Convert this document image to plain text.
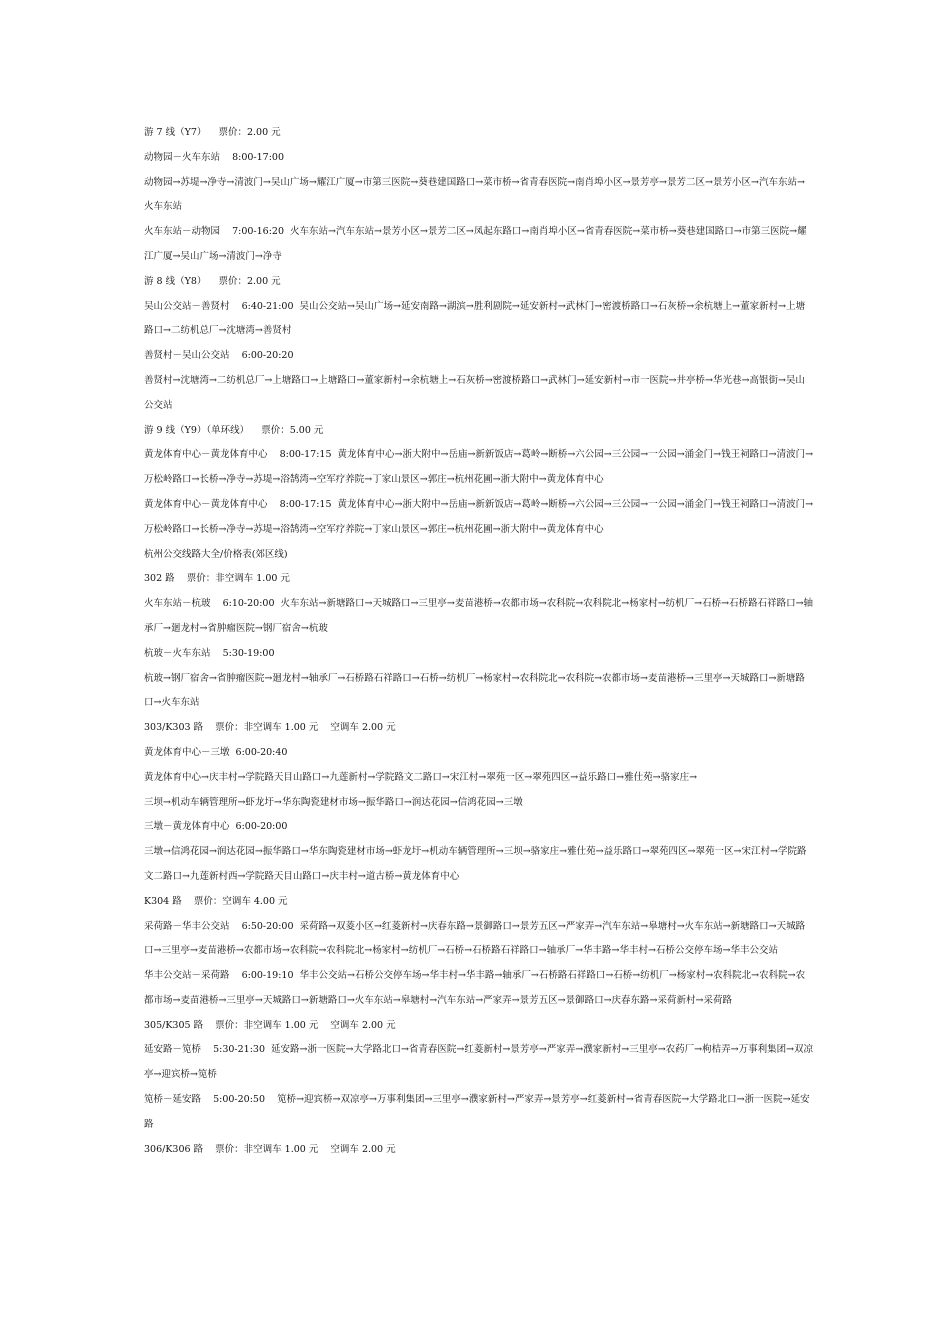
游 7 线（Y7）    票价：2.00 元

动物园－火车东站    8:00-17:00

动物园→苏堤→净寺→清波门→吴山广场→耀江广厦→市第三医院→葵巷建国路口→菜市桥→省青春医院→南肖埠小区→景芳亭→景芳二区→景芳小区→汽车东站→火车东站

火车东站－动物园    7:00-16:20  火车东站→汽车东站→景芳小区→景芳二区→凤起东路口→南肖埠小区→省青春医院→菜市桥→葵巷建国路口→市第三医院→耀江广厦→吴山广场→清波门→净寺

游 8 线（Y8）    票价：2.00 元

吴山公交站－善贤村    6:40-21:00  吴山公交站→吴山广场→延安南路→湖滨→胜利剧院→延安新村→武林门→密渡桥路口→石灰桥→余杭塘上→董家新村→上塘路口→二纺机总厂→沈塘湾→善贤村

善贤村－吴山公交站    6:00-20:20

善贤村→沈塘湾→二纺机总厂→上塘路口→上塘路口→董家新村→余杭塘上→石灰桥→密渡桥路口→武林门→延安新村→市一医院→井亭桥→华光巷→高银街→吴山公交站

游 9 线（Y9）（单环线）    票价：5.00 元

黄龙体育中心－黄龙体育中心    8:00-17:15  黄龙体育中心→浙大附中→岳庙→新新饭店→葛岭→断桥→六公园→三公园→一公园→涌金门→钱王祠路口→清波门→万松岭路口→长桥→净寺→苏堤→浴鹄湾→空军疗养院→丁家山景区→郭庄→杭州花圃→浙大附中→黄龙体育中心

黄龙体育中心－黄龙体育中心    8:00-17:15  黄龙体育中心→浙大附中→岳庙→新新饭店→葛岭→断桥→六公园→三公园→一公园→涌金门→钱王祠路口→清波门→万松岭路口→长桥→净寺→苏堤→浴鹄湾→空军疗养院→丁家山景区→郭庄→杭州花圃→浙大附中→黄龙体育中心

杭州公交线路大全/价格表(郊区线)

302 路    票价：非空调车 1.00 元

火车东站－杭玻    6:10-20:00  火车东站→新塘路口→天城路口→三里亭→麦苗港桥→农都市场→农科院→农科院北→杨家村→纺机厂→石桥→石桥路石祥路口→轴承厂→廻龙村→省肿瘤医院→钢厂宿舍→杭玻

杭玻－火车东站    5:30-19:00

杭玻→钢厂宿舍→省肿瘤医院→廻龙村→轴承厂→石桥路石祥路口→石桥→纺机厂→杨家村→农科院北→农科院→农都市场→麦苗港桥→三里亭→天城路口→新塘路口→火车东站

303/K303 路    票价：非空调车 1.00 元    空调车 2.00 元

黄龙体育中心－三墩  6:00-20:40

黄龙体育中心→庆丰村→学院路天目山路口→九莲新村→学院路文二路口→宋江村→翠苑一区→翠苑四区→益乐路口→雅仕苑→骆家庄→

三坝→机动车辆管理所→虾龙圩→华东陶瓷建材市场→振华路口→润达花园→信鸿花园→三墩

三墩－黄龙体育中心  6:00-20:00

三墩→信鸿花园→润达花园→振华路口→华东陶瓷建材市场→虾龙圩→机动车辆管理所→三坝→骆家庄→雅仕苑→益乐路口→翠苑四区→翠苑一区→宋江村→学院路文二路口→九莲新村西→学院路天目山路口→庆丰村→道古桥→黄龙体育中心

K304 路    票价：空调车 4.00 元

采荷路－华丰公交站    6:50-20:00  采荷路→双菱小区→红菱新村→庆春东路→景御路口→景芳五区→严家弄→汽车东站→皋塘村→火车东站→新塘路口→天城路口→三里亭→麦苗港桥→农都市场→农科院→农科院北→杨家村→纺机厂→石桥→石桥路石祥路口→轴承厂→华丰路→华丰村→石桥公交停车场→华丰公交站

华丰公交站－采荷路    6:00-19:10  华丰公交站→石桥公交停车场→华丰村→华丰路→轴承厂→石桥路石祥路口→石桥→纺机厂→杨家村→农科院北→农科院→农都市场→麦苗港桥→三里亭→天城路口→新塘路口→火车东站→皋塘村→汽车东站→严家弄→景芳五区→景御路口→庆春东路→采荷新村→采荷路

305/K305 路    票价：非空调车 1.00 元    空调车 2.00 元

延安路－笕桥    5:30-21:30  延安路→浙一医院→大学路北口→省青春医院→红菱新村→景芳亭→严家弄→濮家新村→三里亭→农药厂→枸桔弄→万事利集团→双凉亭→迎宾桥→笕桥

笕桥－延安路    5:00-20:50    笕桥→迎宾桥→双凉亭→万事利集团→三里亭→濮家新村→严家弄→景芳亭→红菱新村→省青春医院→大学路北口→浙一医院→延安路

306/K306 路    票价：非空调车 1.00 元    空调车 2.00 元
